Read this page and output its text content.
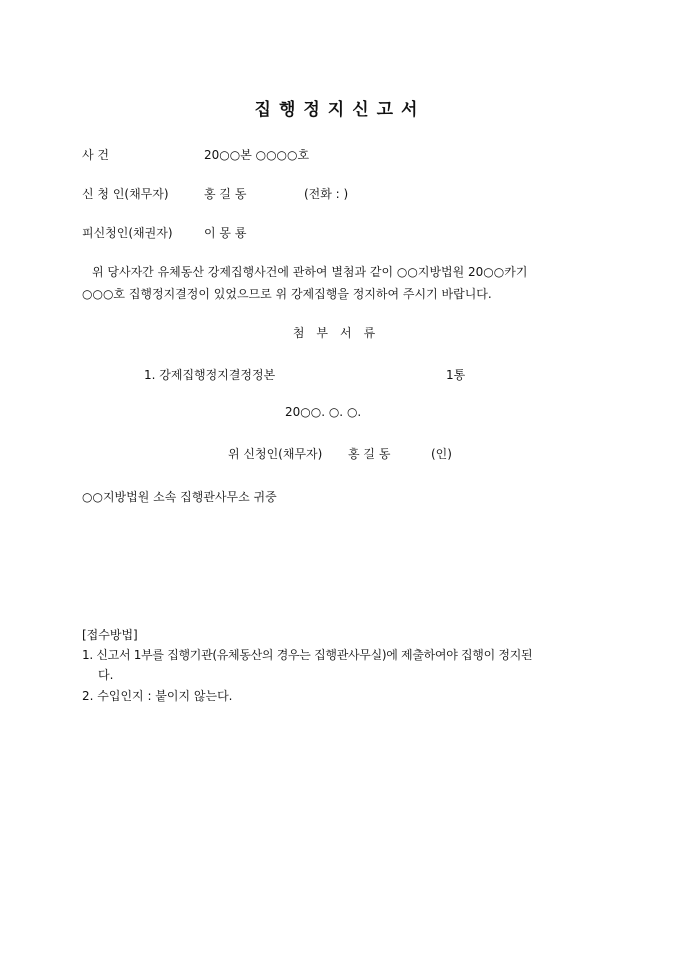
집행정지신고서
사 건	20○○본 ○○○○호
신 청 인(채무자)	홍 길 동	(전화 : )
피신청인(채권자)	이 몽 룡
위 당사자간 유체동산 강제집행사건에 관하여 별첨과 같이 ○○지방법원 20○○카기
○○○호 집행정지결정이 있었으므로 위 강제집행을 정지하여 주시기 바랍니다.
첨부서류
1. 강제집행정지결정정본	1통
20○○. ○. ○.
위 신청인(채무자) 홍 길 동	(인)
○○지방법원 소속 집행관사무소 귀중
[접수방법]
1. 신고서 1부를 집행기관(유체동산의 경우는 집행관사무실)에 제출하여야 집행이 정지된
다.
2. 수입인지 : 붙이지 않는다.
